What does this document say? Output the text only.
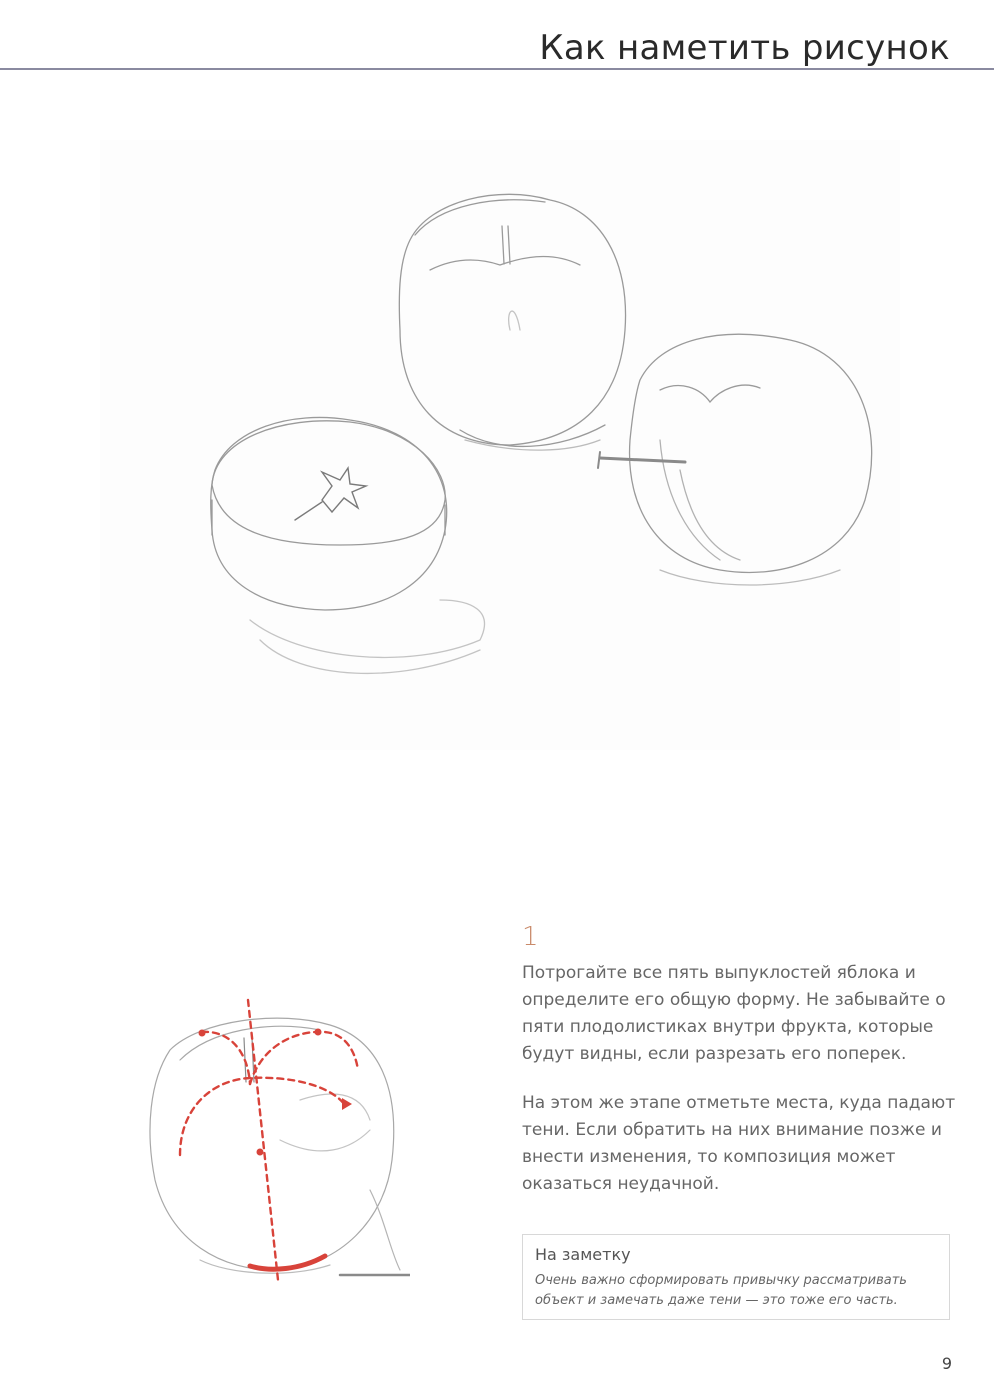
Как наметить рисунок
1

Потрогайте все пять выпуклостей яблока и определите его общую форму. Не забывайте о пяти плодолистиках внутри фрукта, которые будут видны, если разрезать его поперек.

На этом же этапе отметьте места, куда падают тени. Если обратить на них внимание позже и внести изменения, то композиция может оказаться неудачной.

На заметку

Очень важно сформировать привычку рассматривать объект и замечать даже тени — это тоже его часть.

9
